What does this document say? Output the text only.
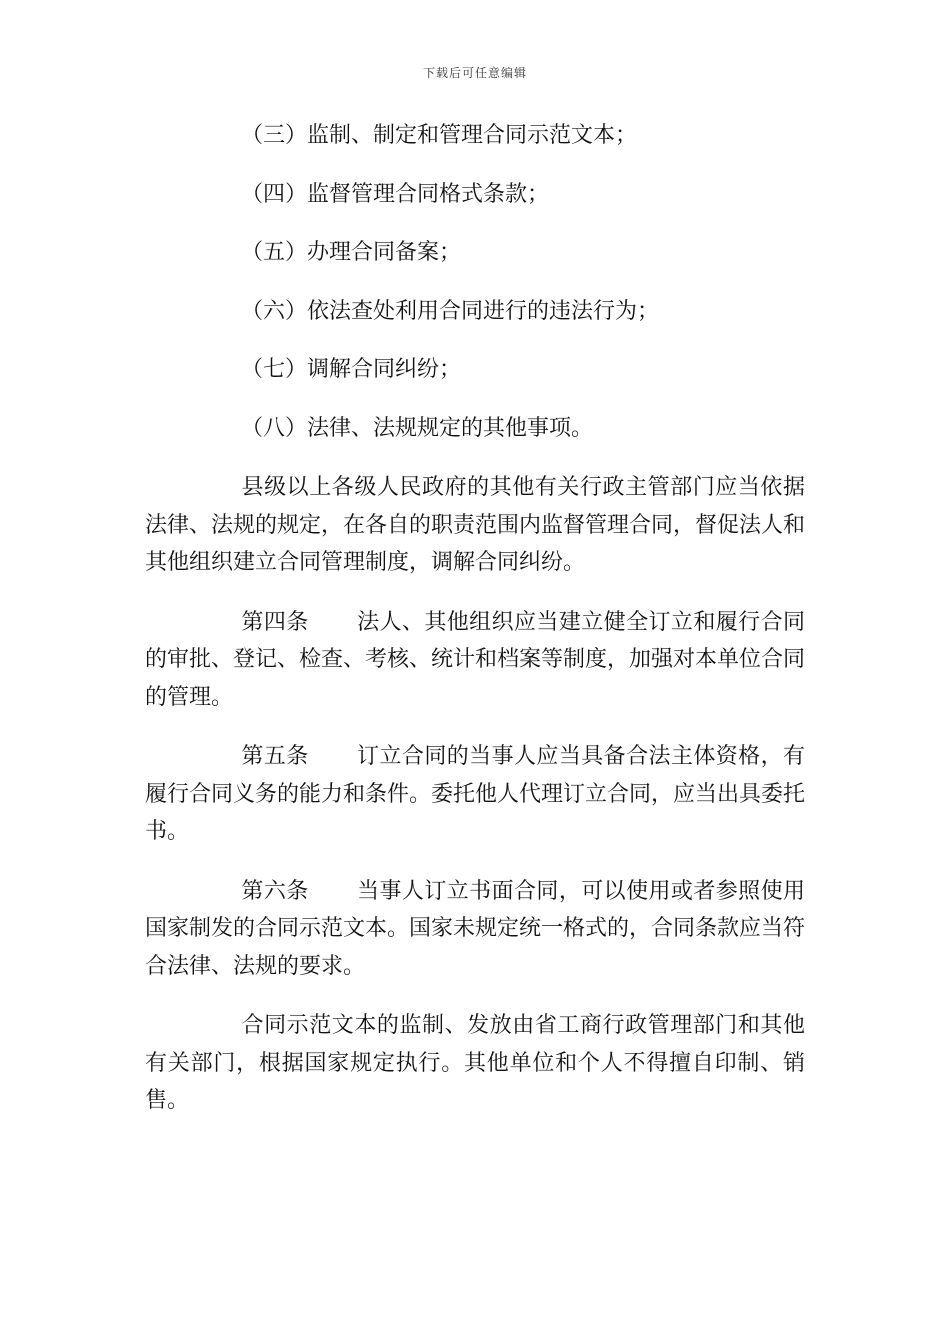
下载后可任意编辑
（三）监制、制定和管理合同示范文本；
（四）监督管理合同格式条款；
（五）办理合同备案；
（六）依法查处利用合同进行的违法行为；
（七）调解合同纠纷；
（八）法律、法规规定的其他事项。

县级以上各级人民政府的其他有关行政主管部门应当依据法律、法规的规定，在各自的职责范围内监督管理合同，督促法人和其他组织建立合同管理制度，调解合同纠纷。

第四条 法人、其他组织应当建立健全订立和履行合同的审批、登记、检查、考核、统计和档案等制度，加强对本单位合同的管理。

第五条 订立合同的当事人应当具备合法主体资格，有履行合同义务的能力和条件。委托他人代理订立合同，应当出具委托书。

第六条 当事人订立书面合同，可以使用或者参照使用国家制发的合同示范文本。国家未规定统一格式的，合同条款应当符合法律、法规的要求。

合同示范文本的监制、发放由省工商行政管理部门和其他有关部门，根据国家规定执行。其他单位和个人不得擅自印制、销售。
